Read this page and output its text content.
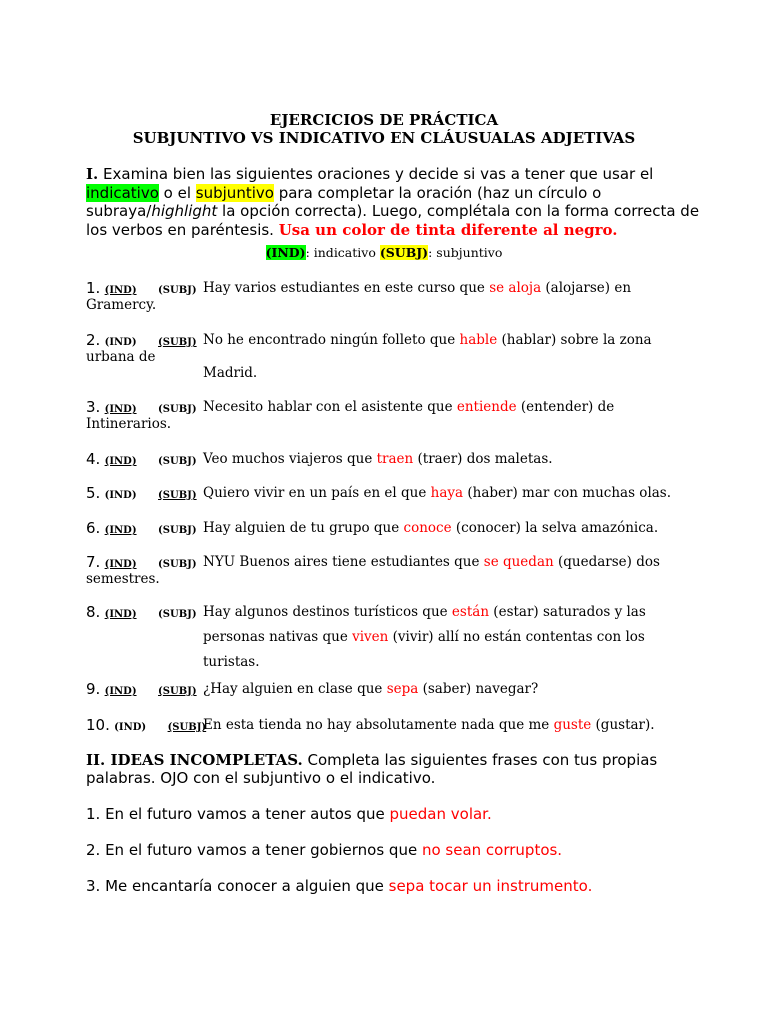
EJERCICIOS DE PRÁCTICA
SUBJUNTIVO VS INDICATIVO EN CLÁUSUALAS ADJETIVAS
I. Examina bien las siguientes oraciones y decide si vas a tener que usar el indicativo o el subjuntivo para completar la oración (haz un círculo o subraya/highlight la opción correcta). Luego, complétala con la forma correcta de los verbos en paréntesis. Usa un color de tinta diferente al negro.
(IND): indicativo (SUBJ): subjuntivo
1. (IND) (SUBJ) Hay varios estudiantes en este curso que se aloja (alojarse) en
Gramercy.
2. (IND) (SUBJ) No he encontrado ningún folleto que hable (hablar) sobre la zona
urbana de
Madrid.
3. (IND) (SUBJ) Necesito hablar con el asistente que entiende (entender) de
Intinerarios.
4. (IND) (SUBJ) Veo muchos viajeros que traen (traer) dos maletas.
5. (IND) (SUBJ) Quiero vivir en un país en el que haya (haber) mar con muchas olas.
6. (IND) (SUBJ) Hay alguien de tu grupo que conoce (conocer) la selva amazónica.
7. (IND) (SUBJ) NYU Buenos aires tiene estudiantes que se quedan (quedarse) dos
semestres.
8. (IND) (SUBJ) Hay algunos destinos turísticos que están (estar) saturados y las
personas nativas que viven (vivir) allí no están contentas con los
turistas.
9. (IND) (SUBJ) ¿Hay alguien en clase que sepa (saber) navegar?
10. (IND) (SUBJ)
En esta tienda no hay absolutamente nada que me guste (gustar).
II. IDEAS INCOMPLETAS. Completa las siguientes frases con tus propias palabras. OJO con el subjuntivo o el indicativo.
1. En el futuro vamos a tener autos que puedan volar.
2. En el futuro vamos a tener gobiernos que no sean corruptos.
3. Me encantaría conocer a alguien que sepa tocar un instrumento.
